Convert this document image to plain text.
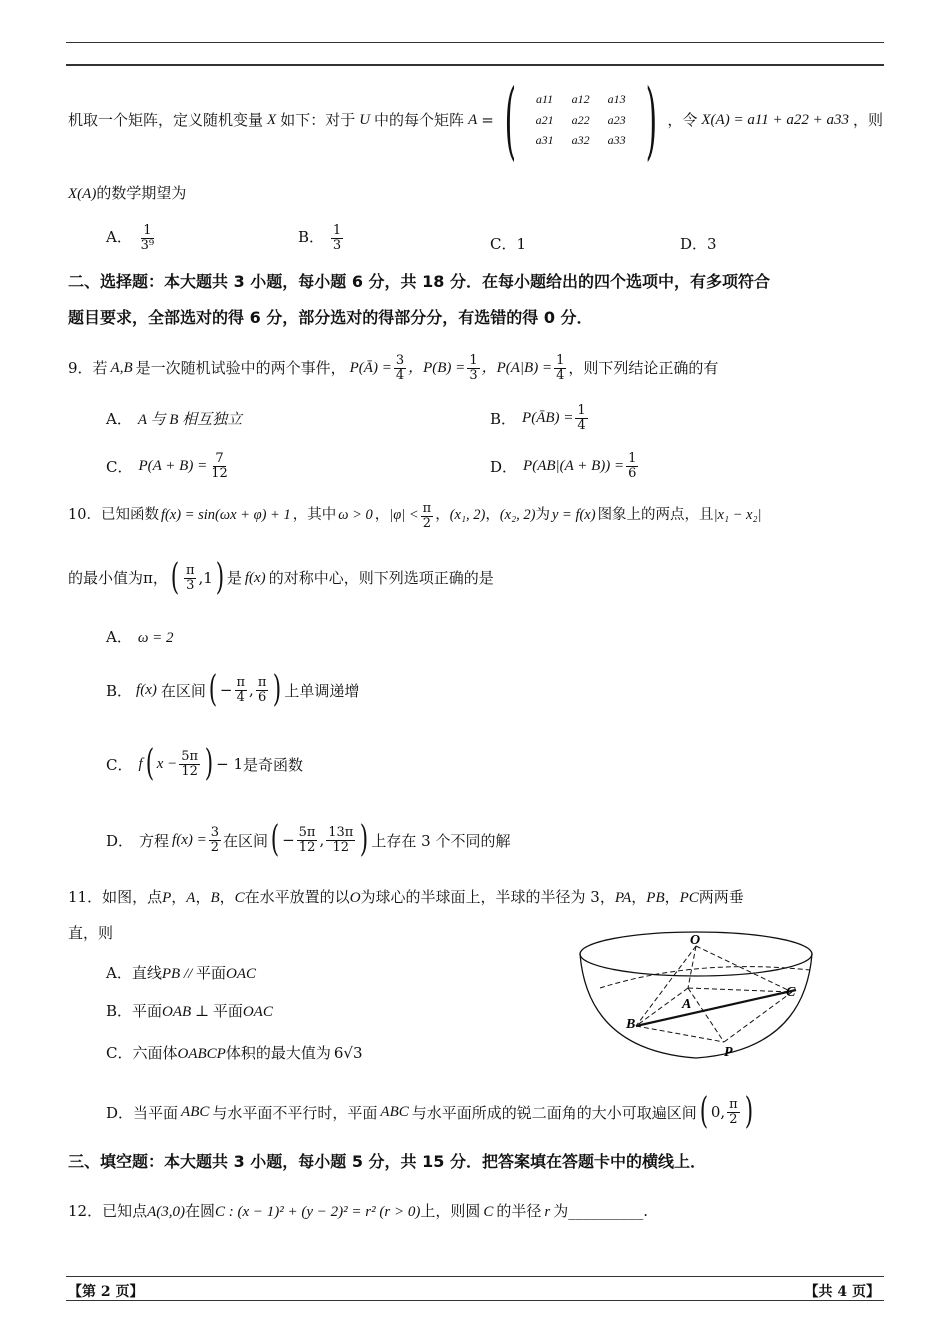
机取一个矩阵，定义随机变量 X 如下：对于 U 中的每个矩阵 A = (	a11	a12	a13
a21	a22	a23
a31	a32	a33 ) ，令 X(A) = a11 + a22 + a33 ，则
X(A)的数学期望为
A． $\frac{1}{\text{3⁹}}$	B． $\frac{1}{3}$	C．1	D．3
二、选择题：本大题共 3 小题，每小题 6 分，共 18 分．在每小题给出的四个选项中，有多项符合
题目要求，全部选对的得 6 分，部分选对的得部分分，有选错的得 0 分．
9．若 A,B 是一次随机试验中的两个事件， P(Ā) = $\frac{3}{4}$ ，$P(B) = \frac{1}{3}$ ，$P(A|B) = \frac{1}{4}$ ，则下列结论正确的有
A． A 与 B 相互独立	B． P(ĀB) = $\frac{1}{4}$
C． $P(A + B) = \frac{7}{12}$	D． $P(AB|(A + B)) = \frac{1}{6}$
10．已知函数 f(x) = sin(ωx + φ) + 1 ，其中 ω > 0 ， $|\varphi| < \frac{\pi}{2}$ ， (x₁, 2) ， (x₂, 2) 为 y = f(x) 图象上的两点，且 |x₁ − x₂|
的最小值为 π ， ( $\frac{\pi}{3} ,1$ ) 是 f(x) 的对称中心，则下列选项正确的是
A． ω = 2
B． f(x) 在区间 ( − $\frac{\pi}{4}$ , $\frac{\pi}{6}$ ) 上单调递增
C． f ( $x - \frac{5\pi}{12}$ ) − 1 是奇函数
D． 方程 $f(x) = \frac{3}{2}$ 在区间 ( − $\frac{5\pi}{12}$ , $\frac{13\pi}{12}$ ) 上存在 3 个不同的解
11．如图，点P，A，B，C在水平放置的以O为球心的半球面上，半球的半径为 3，PA，PB，PC两两垂
直，则
A．直线PB // 平面OAC
B．平面OAB ⊥ 平面OAC
C．六面体OABCP体积的最大值为 6√3
D． 当平面 ABC 与水平面不平行时，平面 ABC 与水平面所成的锐二面角的大小可取遍区间 ( 0, $\frac{\pi}{2}$ )
O
A
B
C
P
三、填空题：本大题共 3 小题，每小题 5 分，共 15 分．把答案填在答题卡中的横线上．
12．已知点A(3,0)在圆C : (x − 1)² + (y − 2)² = r² (r > 0)上，则圆 C 的半径 r 为__________.
【第 2 页】	【共 4 页】
